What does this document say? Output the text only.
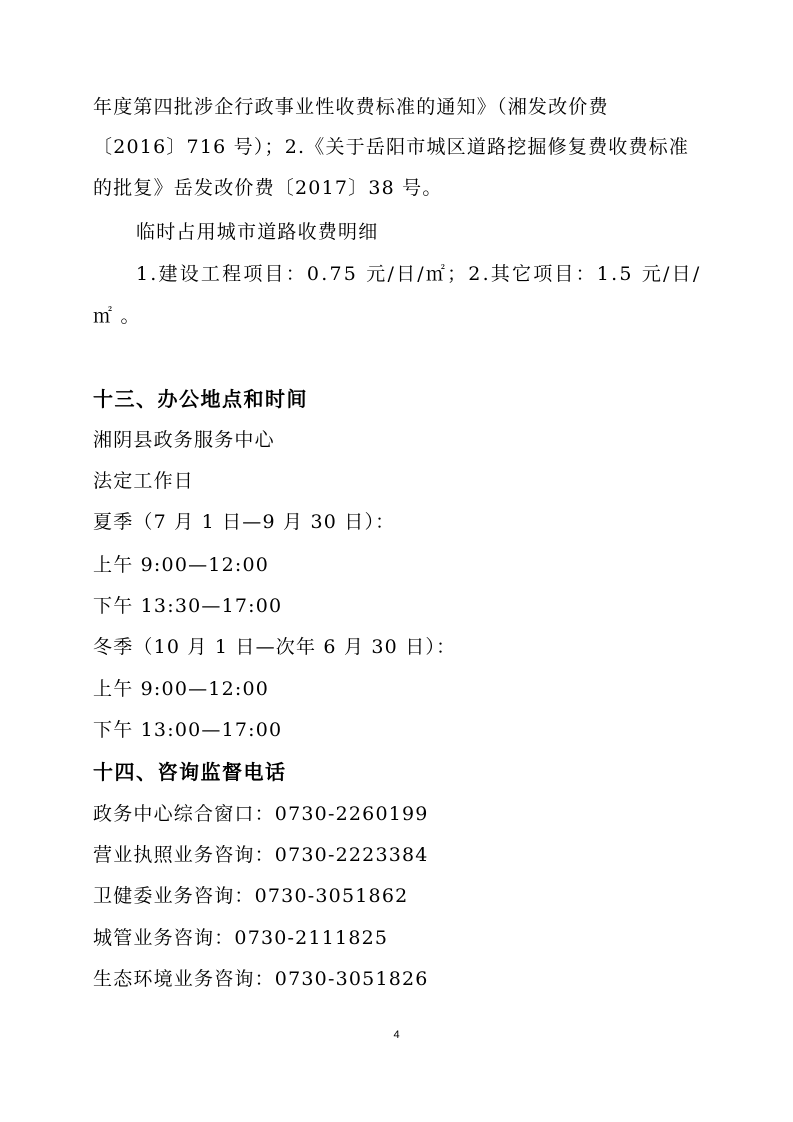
年度第四批涉企行政事业性收费标准的通知》（湘发改价费
〔2016〕716 号）；2.《关于岳阳市城区道路挖掘修复费收费标准
的批复》岳发改价费〔2017〕38 号。
临时占用城市道路收费明细
1.建设工程项目：0.75 元/日/㎡；2.其它项目：1.5 元/日/
㎡ 。
十三、办公地点和时间
湘阴县政务服务中心
法定工作日
夏季（7 月 1 日—9 月 30 日）：
上午 9:00—12:00
下午 13:30—17:00
冬季（10 月 1 日—次年 6 月 30 日）：
上午 9:00—12:00
下午 13:00—17:00
十四、咨询监督电话
政务中心综合窗口：0730-2260199
营业执照业务咨询：0730-2223384
卫健委业务咨询：0730-3051862
城管业务咨询：0730-2111825
生态环境业务咨询：0730-3051826
4
